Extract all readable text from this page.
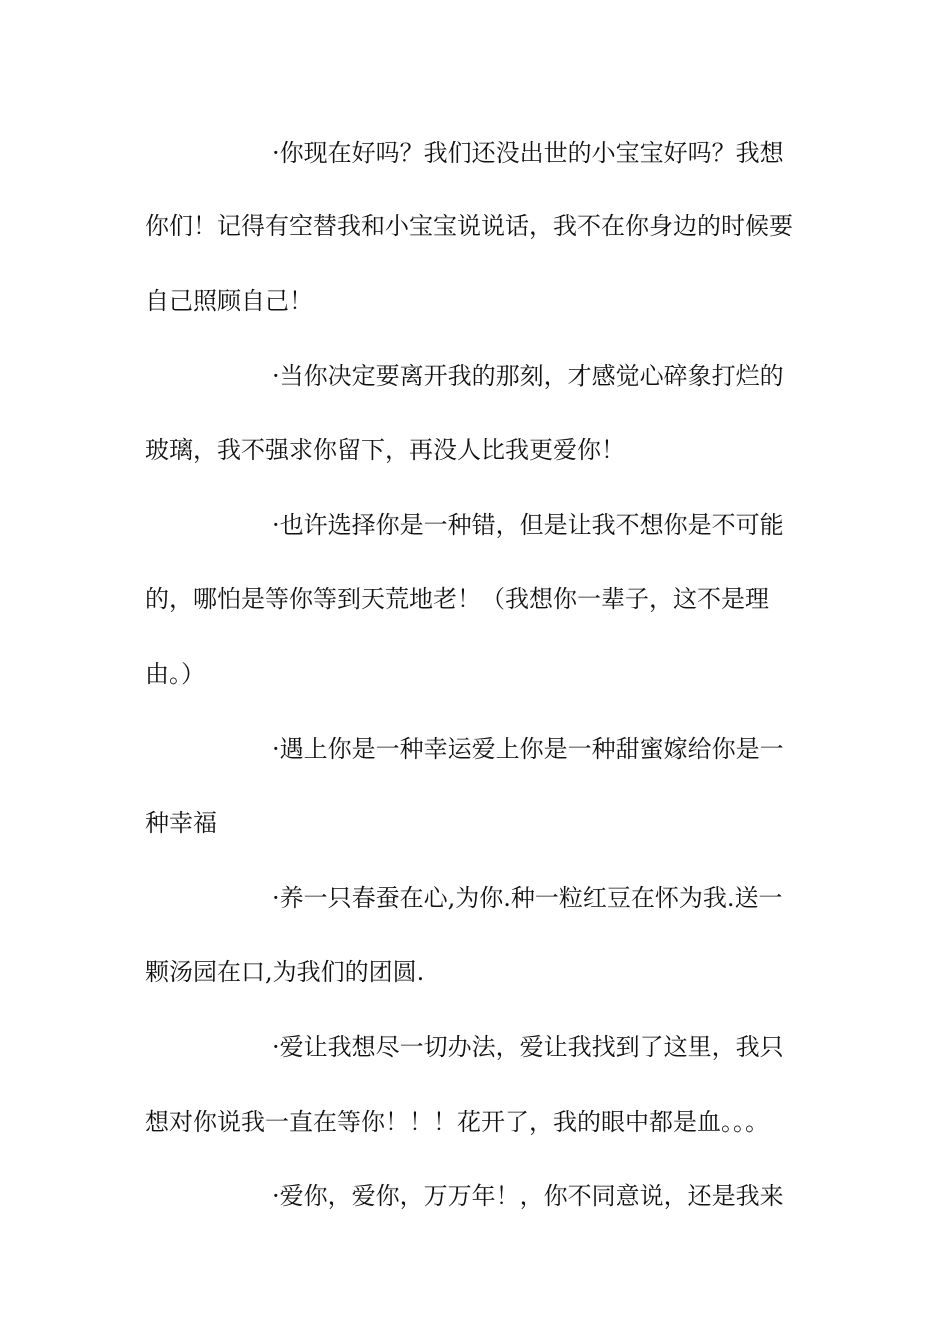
·你现在好吗？我们还没出世的小宝宝好吗？我想
你们！记得有空替我和小宝宝说说话，我不在你身边的时候要
自己照顾自己！
·当你决定要离开我的那刻，才感觉心碎象打烂的
玻璃，我不强求你留下，再没人比我更爱你！
·也许选择你是一种错，但是让我不想你是不可能
的，哪怕是等你等到天荒地老！（我想你一辈子，这不是理
由。）
·遇上你是一种幸运爱上你是一种甜蜜嫁给你是一
种幸福
·养一只春蚕在心,为你.种一粒红豆在怀为我.送一
颗汤园在口,为我们的团圆.
·爱让我想尽一切办法，爱让我找到了这里，我只
想对你说我一直在等你！！！花开了，我的眼中都是血。。。
·爱你，爱你，万万年！，你不同意说，还是我来
